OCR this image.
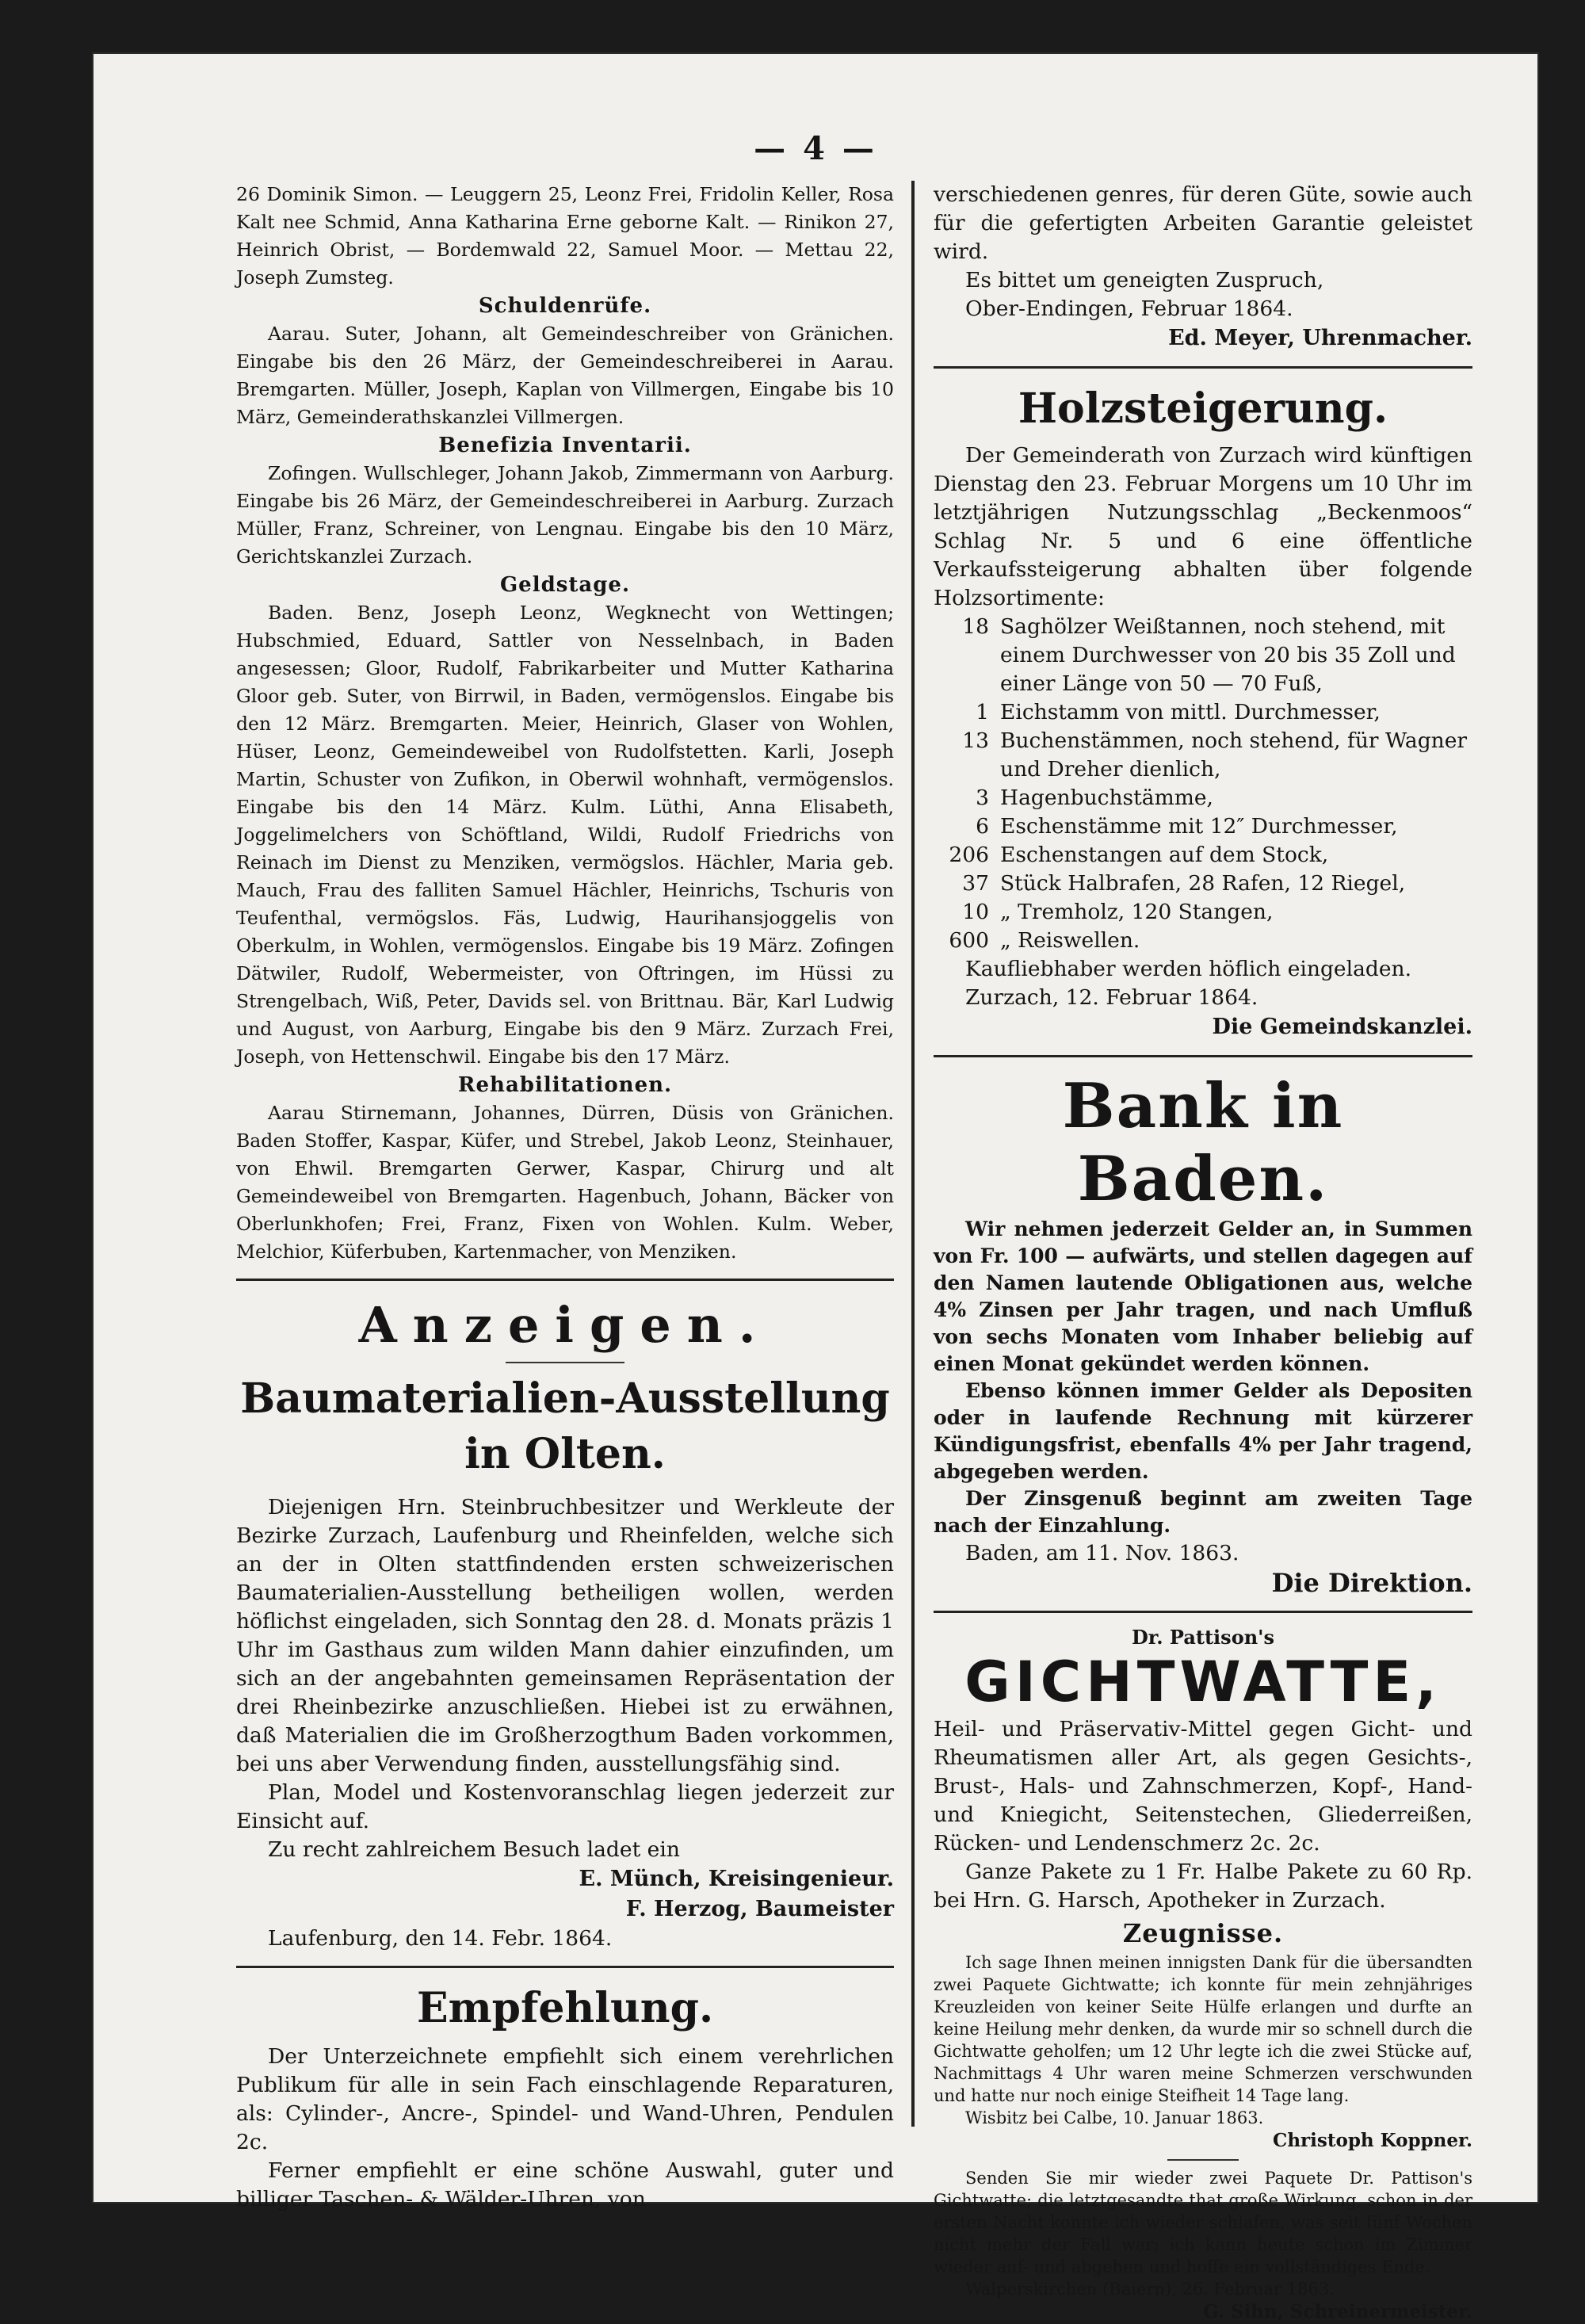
— 4 —

26 Dominik Simon. — Leuggern 25, Leonz Frei, Fridolin Keller, Rosa Kalt nee Schmid, Anna Katharina Erne geborne Kalt. — Rinikon 27, Heinrich Obrist, — Bordemwald 22, Samuel Moor. — Mettau 22, Joseph Zumsteg.

Schuldenrüfe.

Aarau. Suter, Johann, alt Gemeindeschreiber von Gränichen. Eingabe bis den 26 März, der Gemeindeschreiberei in Aarau. Bremgarten. Müller, Joseph, Kaplan von Villmergen, Eingabe bis 10 März, Gemeinderathskanzlei Villmergen.

Benefizia Inventarii.

Zofingen. Wullschleger, Johann Jakob, Zimmermann von Aarburg. Eingabe bis 26 März, der Gemeindeschreiberei in Aarburg. Zurzach Müller, Franz, Schreiner, von Lengnau. Eingabe bis den 10 März, Gerichtskanzlei Zurzach.

Geldstage.

Baden. Benz, Joseph Leonz, Wegknecht von Wettingen; Hubschmied, Eduard, Sattler von Nesselnbach, in Baden angesessen; Gloor, Rudolf, Fabrikarbeiter und Mutter Katharina Gloor geb. Suter, von Birrwil, in Baden, vermögenslos. Eingabe bis den 12 März. Bremgarten. Meier, Heinrich, Glaser von Wohlen, Hüser, Leonz, Gemeindeweibel von Rudolfstetten. Karli, Joseph Martin, Schuster von Zufikon, in Oberwil wohnhaft, vermögenslos. Eingabe bis den 14 März. Kulm. Lüthi, Anna Elisabeth, Joggelimelchers von Schöftland, Wildi, Rudolf Friedrichs von Reinach im Dienst zu Menziken, vermögslos. Hächler, Maria geb. Mauch, Frau des falliten Samuel Hächler, Heinrichs, Tschuris von Teufenthal, vermögslos. Fäs, Ludwig, Haurihansjoggelis von Oberkulm, in Wohlen, vermögenslos. Eingabe bis 19 März. Zofingen Dätwiler, Rudolf, Webermeister, von Oftringen, im Hüssi zu Strengelbach, Wiß, Peter, Davids sel. von Brittnau. Bär, Karl Ludwig und August, von Aarburg, Eingabe bis den 9 März. Zurzach Frei, Joseph, von Hettenschwil. Eingabe bis den 17 März.

Rehabilitationen.

Aarau Stirnemann, Johannes, Dürren, Düsis von Gränichen. Baden Stoffer, Kaspar, Küfer, und Strebel, Jakob Leonz, Steinhauer, von Ehwil. Bremgarten Gerwer, Kaspar, Chirurg und alt Gemeindeweibel von Bremgarten. Hagenbuch, Johann, Bäcker von Oberlunkhofen; Frei, Franz, Fixen von Wohlen. Kulm. Weber, Melchior, Küferbuben, Kartenmacher, von Menziken.

Anzeigen.

Baumaterialien-Ausstellung

in Olten.

Diejenigen Hrn. Steinbruchbesitzer und Werkleute der Bezirke Zurzach, Laufenburg und Rheinfelden, welche sich an der in Olten stattfindenden ersten schweizerischen Baumaterialien-Ausstellung betheiligen wollen, werden höflichst eingeladen, sich Sonntag den 28. d. Monats präzis 1 Uhr im Gasthaus zum wilden Mann dahier einzufinden, um sich an der angebahnten gemeinsamen Repräsentation der drei Rheinbezirke anzuschließen. Hiebei ist zu erwähnen, daß Materialien die im Großherzogthum Baden vorkommen, bei uns aber Verwendung finden, ausstellungsfähig sind.

Plan, Model und Kostenvoranschlag liegen jederzeit zur Einsicht auf.

Zu recht zahlreichem Besuch ladet ein

E. Münch, Kreisingenieur.

F. Herzog, Baumeister

Laufenburg, den 14. Febr. 1864.

Empfehlung.

Der Unterzeichnete empfiehlt sich einem verehrlichen Publikum für alle in sein Fach einschlagende Reparaturen, als: Cylinder-, Ancre-, Spindel- und Wand-Uhren, Pendulen 2c.

Ferner empfiehlt er eine schöne Auswahl, guter und billiger Taschen- & Wälder-Uhren, von

verschiedenen genres, für deren Güte, sowie auch für die gefertigten Arbeiten Garantie geleistet wird.

Es bittet um geneigten Zuspruch,

Ober-Endingen, Februar 1864.

Ed. Meyer, Uhrenmacher.

Holzsteigerung.

Der Gemeinderath von Zurzach wird künftigen Dienstag den 23. Februar Morgens um 10 Uhr im letztjährigen Nutzungsschlag „Beckenmoos“ Schlag Nr. 5 und 6 eine öffentliche Verkaufssteigerung abhalten über folgende Holzsortimente:

18 Saghölzer Weißtannen, noch stehend, mit einem Durchwesser von 20 bis 35 Zoll und einer Länge von 50 — 70 Fuß,
1 Eichstamm von mittl. Durchmesser,
13 Buchenstämmen, noch stehend, für Wagner und Dreher dienlich,
3 Hagenbuchstämme,
6 Eschenstämme mit 12″ Durchmesser,
206 Eschenstangen auf dem Stock,
37 Stück Halbrafen, 28 Rafen, 12 Riegel,
10 „ Tremholz, 120 Stangen,
600 „ Reiswellen.

Kaufliebhaber werden höflich eingeladen.

Zurzach, 12. Februar 1864.

Die Gemeindskanzlei.

Bank in Baden.

Wir nehmen jederzeit Gelder an, in Summen von Fr. 100 — aufwärts, und stellen dagegen auf den Namen lautende Obligationen aus, welche 4% Zinsen per Jahr tragen, und nach Umfluß von sechs Monaten vom Inhaber beliebig auf einen Monat gekündet werden können.

Ebenso können immer Gelder als Depositen oder in laufende Rechnung mit kürzerer Kündigungsfrist, ebenfalls 4% per Jahr tragend, abgegeben werden.

Der Zinsgenuß beginnt am zweiten Tage nach der Einzahlung.

Baden, am 11. Nov. 1863.

Die Direktion.

Dr. Pattison's

GICHTWATTE,

Heil- und Präservativ-Mittel gegen Gicht- und Rheumatismen aller Art, als gegen Gesichts-, Brust-, Hals- und Zahnschmerzen, Kopf-, Hand- und Kniegicht, Seitenstechen, Gliederreißen, Rücken- und Lendenschmerz 2c. 2c.

Ganze Pakete zu 1 Fr. Halbe Pakete zu 60 Rp. bei Hrn. G. Harsch, Apotheker in Zurzach.

Zeugnisse.

Ich sage Ihnen meinen innigsten Dank für die übersandten zwei Paquete Gichtwatte; ich konnte für mein zehnjähriges Kreuzleiden von keiner Seite Hülfe erlangen und durfte an keine Heilung mehr denken, da wurde mir so schnell durch die Gichtwatte geholfen; um 12 Uhr legte ich die zwei Stücke auf, Nachmittags 4 Uhr waren meine Schmerzen verschwunden und hatte nur noch einige Steifheit 14 Tage lang.

Wisbitz bei Calbe, 10. Januar 1863.

Christoph Koppner.

Senden Sie mir wieder zwei Paquete Dr. Pattison's Gichtwatte; die letztgesandte that große Wirkung, schon in der ersten Nacht konnte ich wieder schlafen, was seit fünf Wochen nicht mehr der Fall war; ich kann heute schon im Zimmer wieder auf- und abgehen und hoffe ein vollständiges Ende.

Walperskirchen (Baiern), 26. Februar 1863.

G. Sihn, Schreinermeister.
